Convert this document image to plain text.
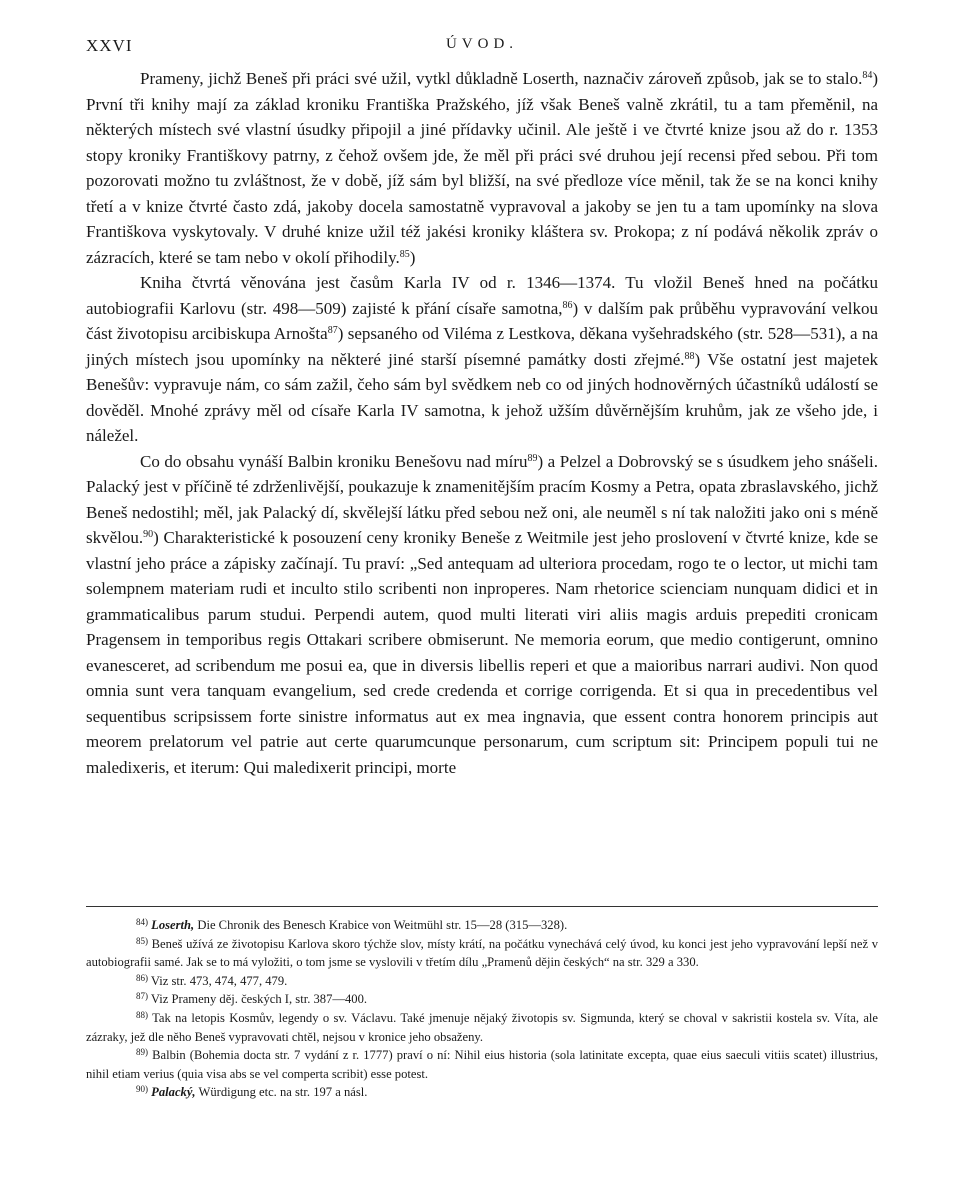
XXVI	ÚVOD.

Prameny, jichž Beneš při práci své užil, vytkl důkladně Loserth, naznačiv zároveň způsob, jak se to stalo.$^{84}$) První tři knihy mají za základ kroniku Františka Pražského, jíž však Beneš valně zkrátil, tu a tam přeměnil, na některých místech své vlastní úsudky připojil a jiné přídavky učinil. Ale ještě i ve čtvrté knize jsou až do r. 1353 stopy kroniky Františkovy patrny, z čehož ovšem jde, že měl při práci své druhou její recensi před sebou. Při tom pozorovati možno tu zvláštnost, že v době, jíž sám byl bližší, na své předloze více měnil, tak že se na konci knihy třetí a v knize čtvrté často zdá, jakoby docela samostatně vypravoval a jakoby se jen tu a tam upomínky na slova Františkova vyskytovaly. V druhé knize užil též jakési kroniky kláštera sv. Prokopa; z ní podává několik zpráv o zázracích, které se tam nebo v okolí přihodily.$^{85}$)

Kniha čtvrtá věnována jest časům Karla IV od r. 1346—1374. Tu vložil Beneš hned na počátku autobiografii Karlovu (str. 498—509) zajisté k přání císaře samotna,$^{86}$) v dalším pak průběhu vypravování velkou část životopisu arcibiskupa Arnošta$^{87}$) sepsaného od Viléma z Lestkova, děkana vyšehradského (str. 528—531), a na jiných místech jsou upomínky na některé jiné starší písemné památky dosti zřejmé.$^{88}$) Vše ostatní jest majetek Benešův: vypravuje nám, co sám zažil, čeho sám byl svědkem neb co od jiných hodnověrných účastníků událostí se dověděl. Mnohé zprávy měl od císaře Karla IV samotna, k jehož užším důvěrnějším kruhům, jak ze všeho jde, i náležel.

Co do obsahu vynáší Balbin kroniku Benešovu nad míru$^{89}$) a Pelzel a Dobrovský se s úsudkem jeho snášeli. Palacký jest v příčině té zdrženlivější, poukazuje k znamenitějším pracím Kosmy a Petra, opata zbraslavského, jichž Beneš nedostihl; měl, jak Palacký dí, skvělejší látku před sebou než oni, ale neuměl s ní tak naložiti jako oni s méně skvělou.$^{90}$) Charakteristické k posouzení ceny kroniky Beneše z Weitmile jest jeho proslovení v čtvrté knize, kde se vlastní jeho práce a zápisky začínají. Tu praví: „Sed antequam ad ulteriora procedam, rogo te o lector, ut michi tam solempnem materiam rudi et inculto stilo scribenti non inproperes. Nam rhetorice scienciam nunquam didici et in grammaticalibus parum studui. Perpendi autem, quod multi literati viri aliis magis arduis prepediti cronicam Pragensem in temporibus regis Ottakari scribere obmiserunt. Ne memoria eorum, que medio contigerunt, omnino evanesceret, ad scribendum me posui ea, que in diversis libellis reperi et que a maioribus narrari audivi. Non quod omnia sunt vera tanquam evangelium, sed crede credenda et corrige corrigenda. Et si qua in precedentibus vel sequentibus scripsissem forte sinistre informatus aut ex mea ingnavia, que essent contra honorem principis aut meorem prelatorum vel patrie aut certe quarumcunque personarum, cum scriptum sit: Principem populi tui ne maledixeris, et iterum: Qui maledixerit principi, morte

$^{84)}$ Loserth, Die Chronik des Benesch Krabice von Weitmühl str. 15—28 (315—328).

$^{85)}$ Beneš užívá ze životopisu Karlova skoro týchže slov, místy krátí, na počátku vynechává celý úvod, ku konci jest jeho vypravování lepší než v autobiografii samé. Jak se to má vyložiti, o tom jsme se vyslovili v třetím dílu „Pramenů dějin českých“ na str. 329 a 330.

$^{86)}$ Viz str. 473, 474, 477, 479.

$^{87)}$ Viz Prameny děj. českých I, str. 387—400.

$^{88)}$ Tak na letopis Kosmův, legendy o sv. Václavu. Také jmenuje nějaký životopis sv. Sigmunda, který se choval v sakristii kostela sv. Víta, ale zázraky, jež dle něho Beneš vypravovati chtěl, nejsou v kronice jeho obsaženy.

$^{89)}$ Balbin (Bohemia docta str. 7 vydání z r. 1777) praví o ní: Nihil eius historia (sola latinitate excepta, quae eius saeculi vitiis scatet) illustrius, nihil etiam verius (quia visa abs se vel comperta scribit) esse potest.

$^{90)}$ Palacký, Würdigung etc. na str. 197 a násl.
